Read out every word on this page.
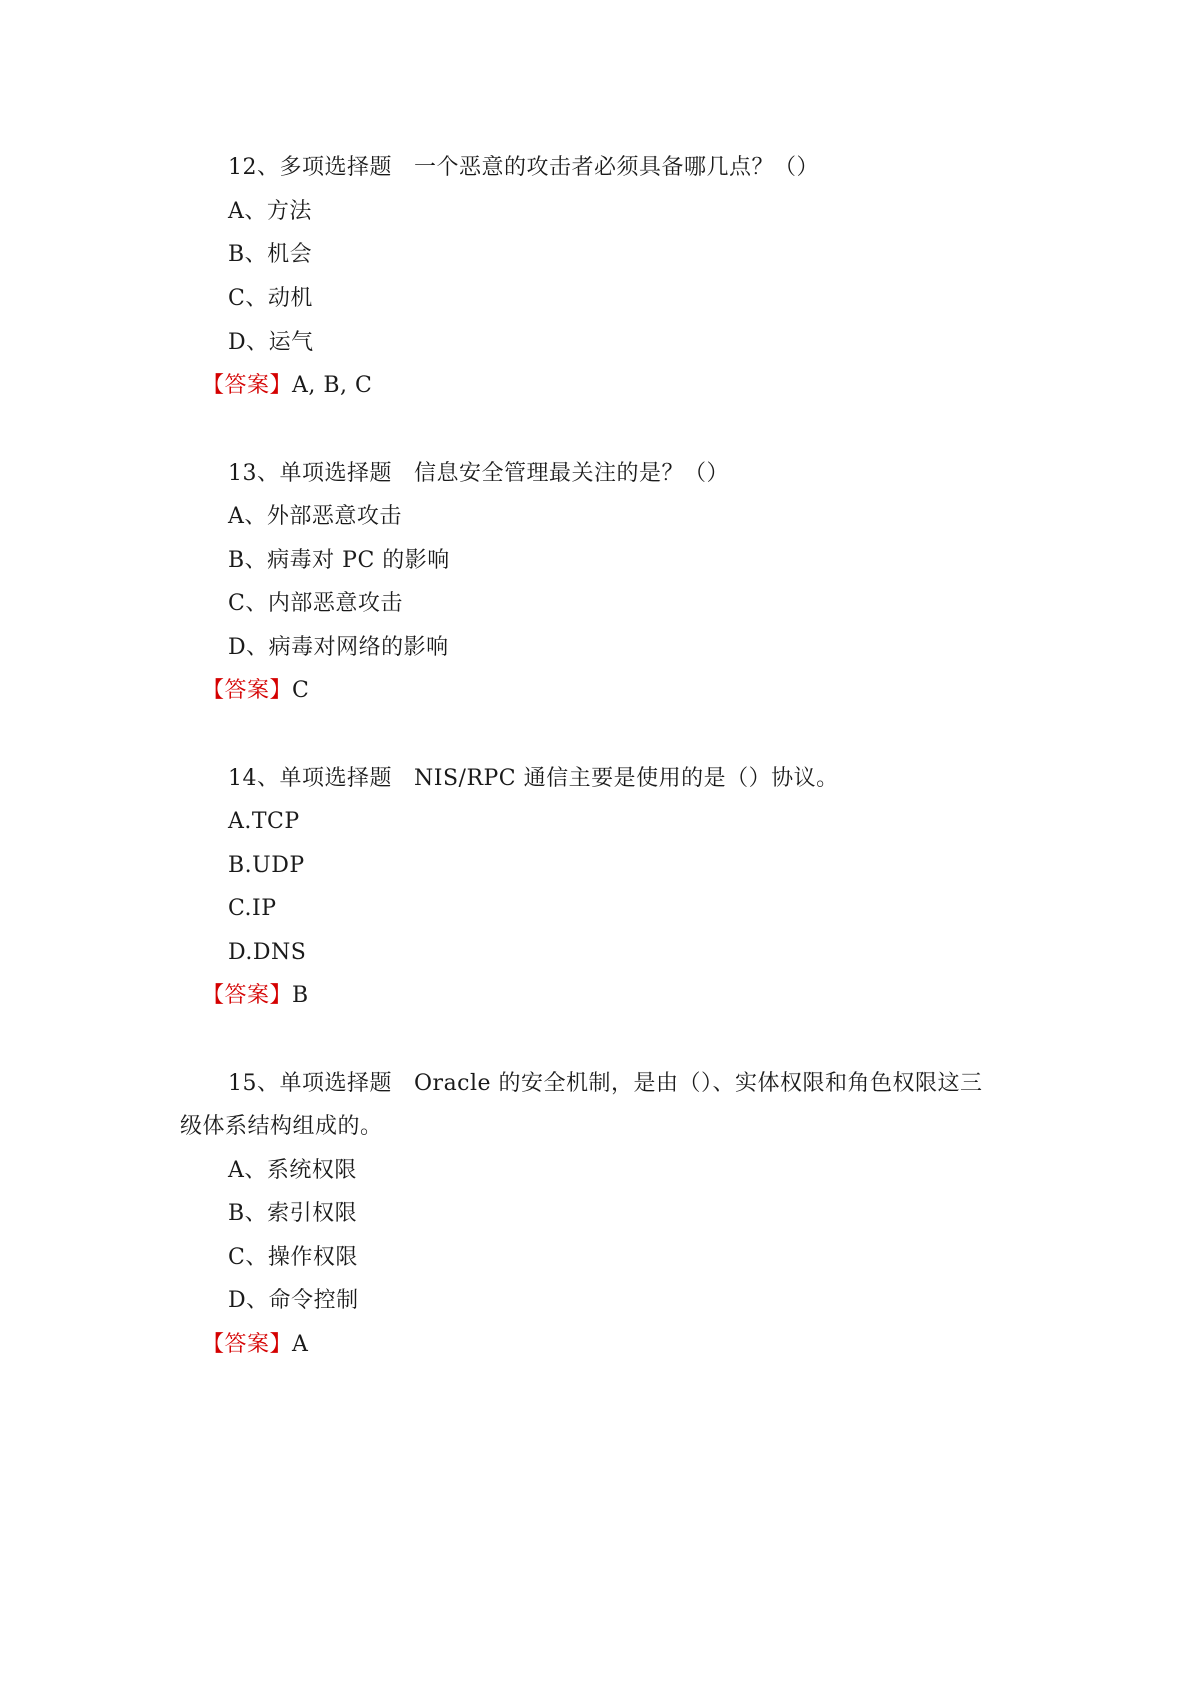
12、多项选择题 一个恶意的攻击者必须具备哪几点？（）
A、方法
B、机会
C、动机
D、运气
【答案】A, B, C
13、单项选择题 信息安全管理最关注的是？（）
A、外部恶意攻击
B、病毒对 PC 的影响
C、内部恶意攻击
D、病毒对网络的影响
【答案】C
14、单项选择题 NIS/RPC 通信主要是使用的是（）协议。
A.TCP
B.UDP
C.IP
D.DNS
【答案】B
15、单项选择题 Oracle 的安全机制，是由（）、实体权限和角色权限这三
级体系结构组成的。
A、系统权限
B、索引权限
C、操作权限
D、命令控制
【答案】A
